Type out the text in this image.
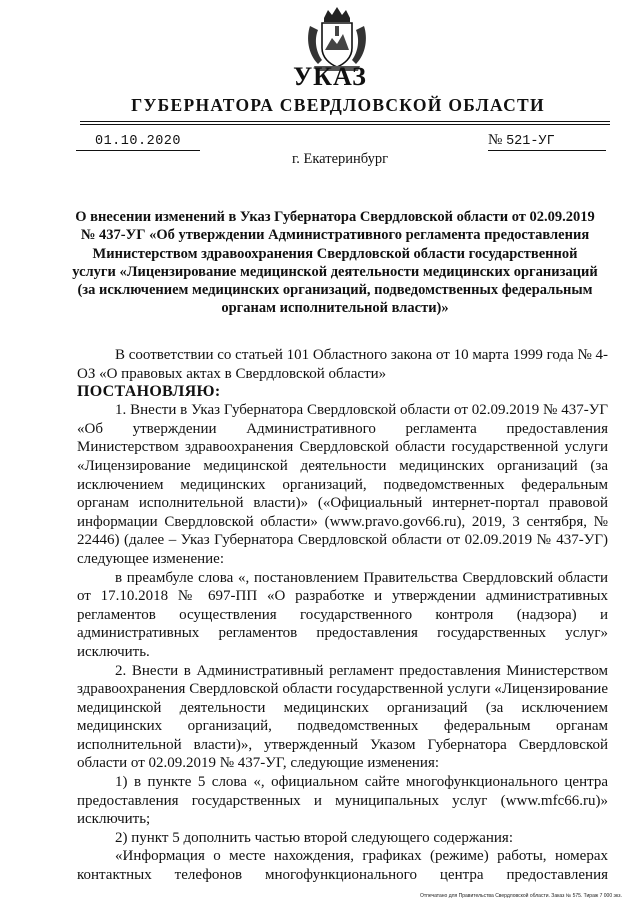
УКАЗ
ГУБЕРНАТОРА СВЕРДЛОВСКОЙ ОБЛАСТИ
01.10.2020	№ 521-УГ
г. Екатеринбург
О внесении изменений в Указ Губернатора Свердловской области от 02.09.2019 № 437-УГ «Об утверждении Административного регламента предоставления Министерством здравоохранения Свердловской области государственной услуги «Лицензирование медицинской деятельности медицинских организаций (за исключением медицинских организаций, подведомственных федеральным органам исполнительной власти)»

В соответствии со статьей 101 Областного закона от 10 марта 1999 года № 4-ОЗ «О правовых актах в Свердловской области»

ПОСТАНОВЛЯЮ:

1. Внести в Указ Губернатора Свердловской области от 02.09.2019 № 437-УГ «Об утверждении Административного регламента предоставления Министерством здравоохранения Свердловской области государственной услуги «Лицензирование медицинской деятельности медицинских организаций (за исключением медицинских организаций, подведомственных федеральным органам исполнительной власти)» («Официальный интернет-портал правовой информации Свердловской области» (www.pravo.gov66.ru), 2019, 3 сентября, № 22446) (далее – Указ Губернатора Свердловской области от 02.09.2019 № 437-УГ) следующее изменение:

в преамбуле слова «, постановлением Правительства Свердловский области от 17.10.2018 № 697-ПП «О разработке и утверждении административных регламентов осуществления государственного контроля (надзора) и административных регламентов предоставления государственных услуг» исключить.

2. Внести в Административный регламент предоставления Министерством здравоохранения Свердловской области государственной услуги «Лицензирование медицинской деятельности медицинских организаций (за исключением медицинских организаций, подведомственных федеральным органам исполнительной власти)», утвержденный Указом Губернатора Свердловской области от 02.09.2019 № 437-УГ, следующие изменения:

1) в пункте 5 слова «, официальном сайте многофункционального центра предоставления государственных и муниципальных услуг (www.mfc66.ru)» исключить;

2) пункт 5 дополнить частью второй следующего содержания:

«Информация о месте нахождения, графиках (режиме) работы, номерах контактных телефонов многофункционального центра предоставления

Отпечатано для Правительства Свердловской области. Заказ № 575. Тираж 7 000 экз.
